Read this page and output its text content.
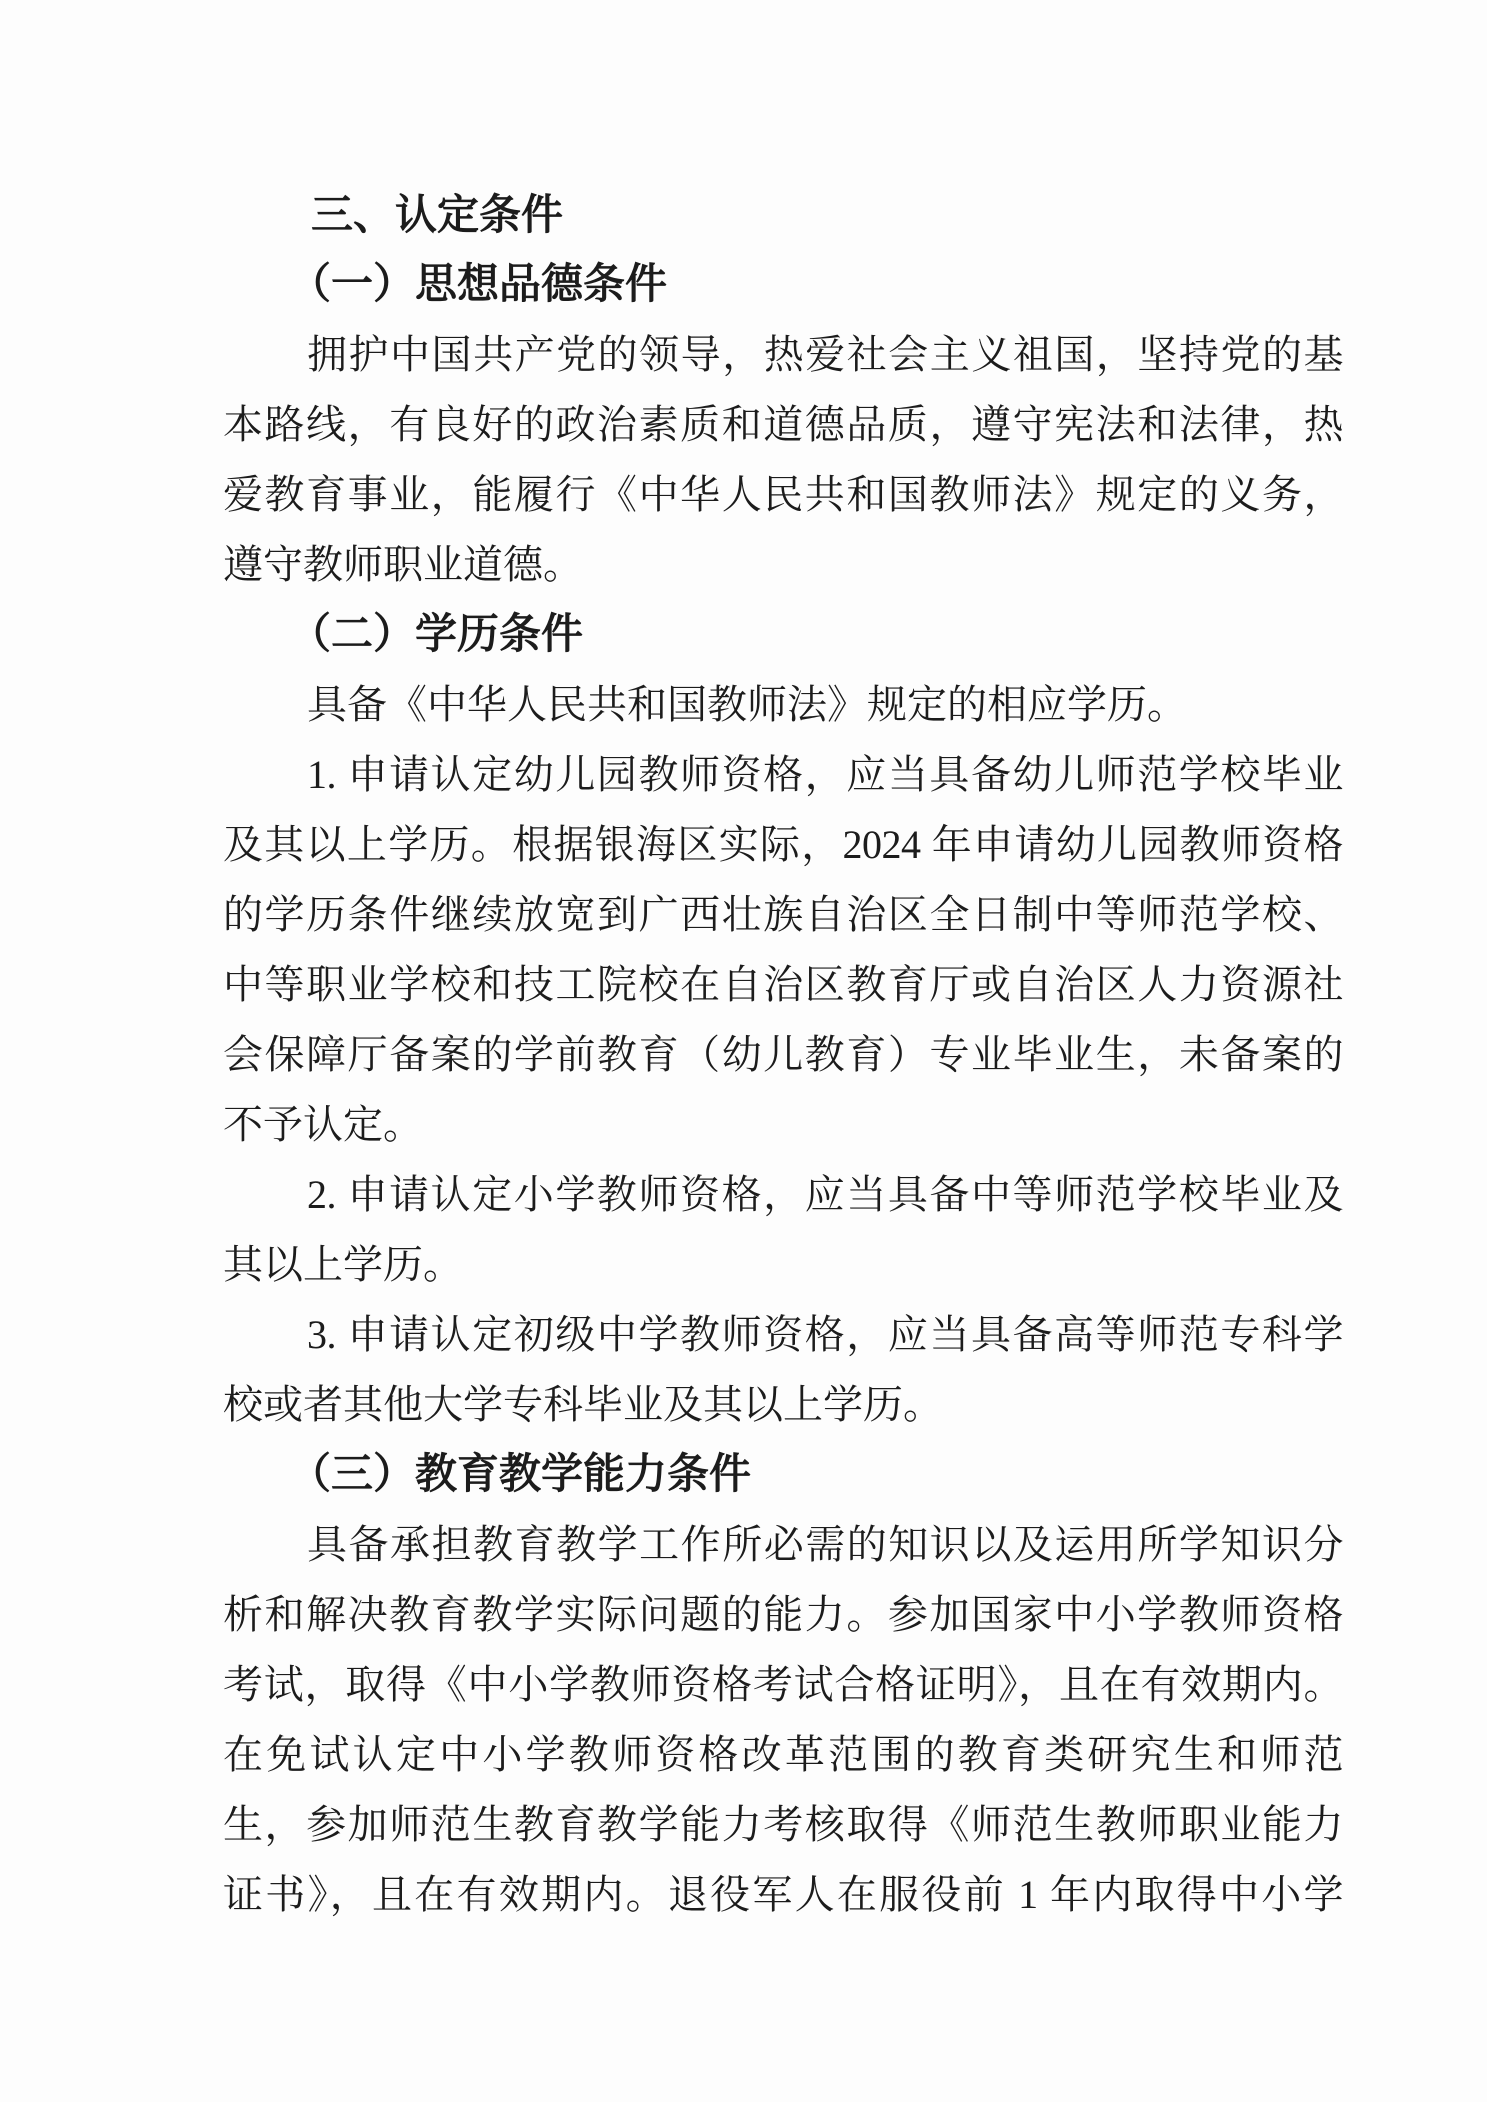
三、认定条件
（一）思想品德条件
拥护中国共产党的领导，热爱社会主义祖国，坚持党的基
本路线，有良好的政治素质和道德品质，遵守宪法和法律，热
爱教育事业，能履行《中华人民共和国教师法》规定的义务，
遵守教师职业道德。
（二）学历条件
具备《中华人民共和国教师法》规定的相应学历。
1. 申请认定幼儿园教师资格，应当具备幼儿师范学校毕业
及其以上学历。根据银海区实际，2024 年申请幼儿园教师资格
的学历条件继续放宽到广西壮族自治区全日制中等师范学校、
中等职业学校和技工院校在自治区教育厅或自治区人力资源社
会保障厅备案的学前教育（幼儿教育）专业毕业生，未备案的
不予认定。
2. 申请认定小学教师资格，应当具备中等师范学校毕业及
其以上学历。
3. 申请认定初级中学教师资格，应当具备高等师范专科学
校或者其他大学专科毕业及其以上学历。
（三）教育教学能力条件
具备承担教育教学工作所必需的知识以及运用所学知识分
析和解决教育教学实际问题的能力。参加国家中小学教师资格
考试，取得《中小学教师资格考试合格证明》，且在有效期内。
在免试认定中小学教师资格改革范围的教育类研究生和师范
生，参加师范生教育教学能力考核取得《师范生教师职业能力
证书》，且在有效期内。退役军人在服役前 1 年内取得中小学
